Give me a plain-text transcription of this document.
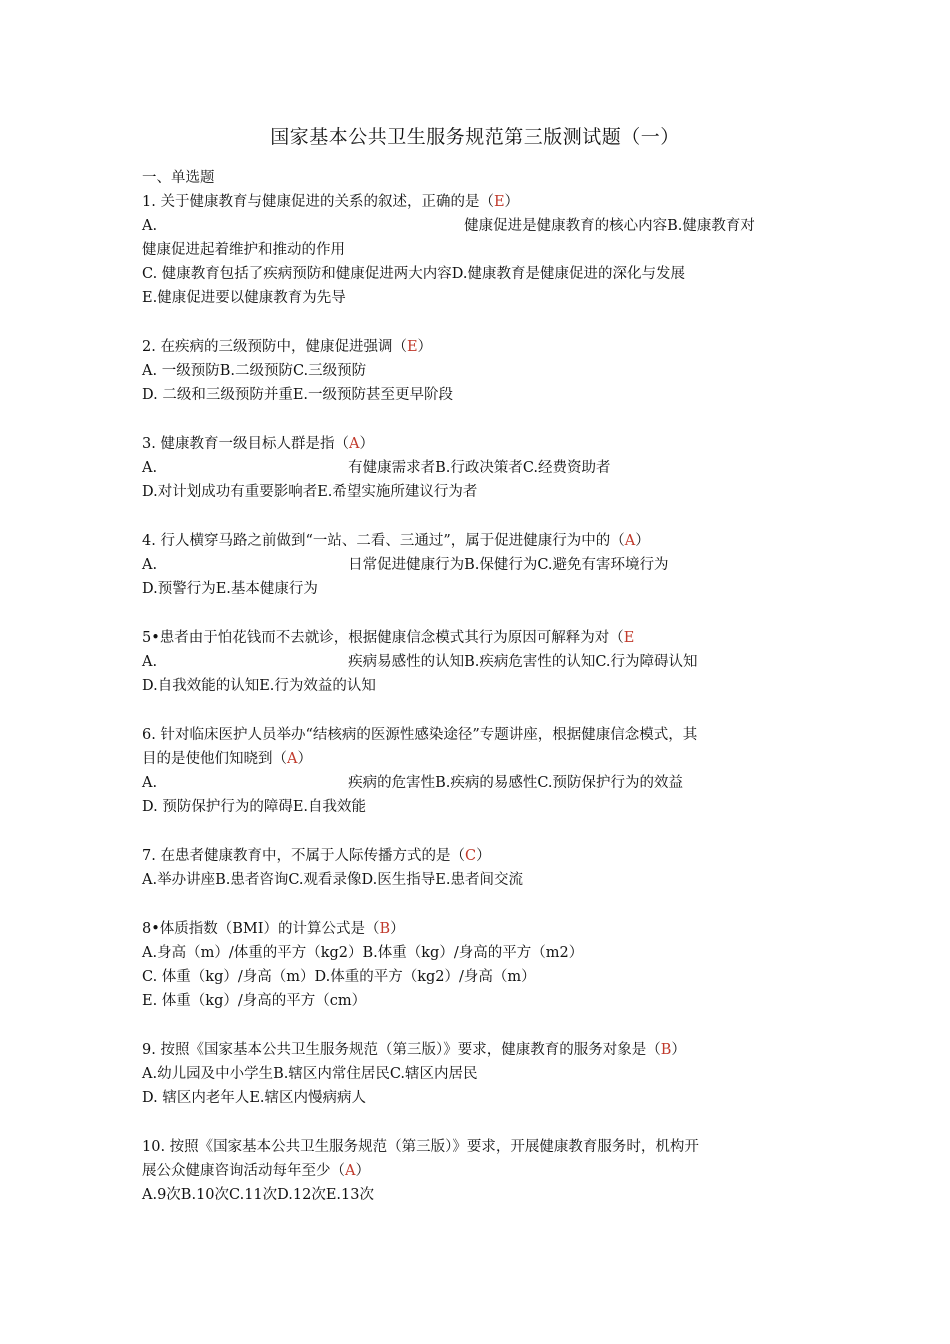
国家基本公共卫生服务规范第三版测试题（一）
一、单选题
1. 关于健康教育与健康促进的关系的叙述，正确的是（E）
A.	健康促进是健康教育的核心内容B.健康教育对
健康促进起着维护和推动的作用
C. 健康教育包括了疾病预防和健康促进两大内容D.健康教育是健康促进的深化与发展
E.健康促进要以健康教育为先导
2. 在疾病的三级预防中，健康促进强调（E）
A. 一级预防B.二级预防C.三级预防
D. 二级和三级预防并重E.一级预防甚至更早阶段
3. 健康教育一级目标人群是指（A）
A.	有健康需求者B.行政决策者C.经费资助者
D.对计划成功有重要影响者E.希望实施所建议行为者
4. 行人横穿马路之前做到“一站、二看、三通过”，属于促进健康行为中的（A）
A.	日常促进健康行为B.保健行为C.避免有害环境行为
D.预警行为E.基本健康行为
5•患者由于怕花钱而不去就诊，根据健康信念模式其行为原因可解释为对（E
A.	疾病易感性的认知B.疾病危害性的认知C.行为障碍认知
D.自我效能的认知E.行为效益的认知
6. 针对临床医护人员举办“结核病的医源性感染途径”专题讲座，根据健康信念模式，其
目的是使他们知晓到（A）
A.	疾病的危害性B.疾病的易感性C.预防保护行为的效益
D. 预防保护行为的障碍E.自我效能
7. 在患者健康教育中，不属于人际传播方式的是（C）
A.举办讲座B.患者咨询C.观看录像D.医生指导E.患者间交流
8•体质指数（BMI）的计算公式是（B）
A.身高（m）/体重的平方（kg2）B.体重（kg）/身高的平方（m2）
C. 体重（kg）/身高（m）D.体重的平方（kg2）/身高（m）
E. 体重（kg）/身高的平方（cm）
9. 按照《国家基本公共卫生服务规范（第三版）》要求，健康教育的服务对象是（B）
A.幼儿园及中小学生B.辖区内常住居民C.辖区内居民
D. 辖区内老年人E.辖区内慢病病人
10. 按照《国家基本公共卫生服务规范（第三版）》要求，开展健康教育服务时，机构开
展公众健康咨询活动每年至少（A）
A.9次B.10次C.11次D.12次E.13次
